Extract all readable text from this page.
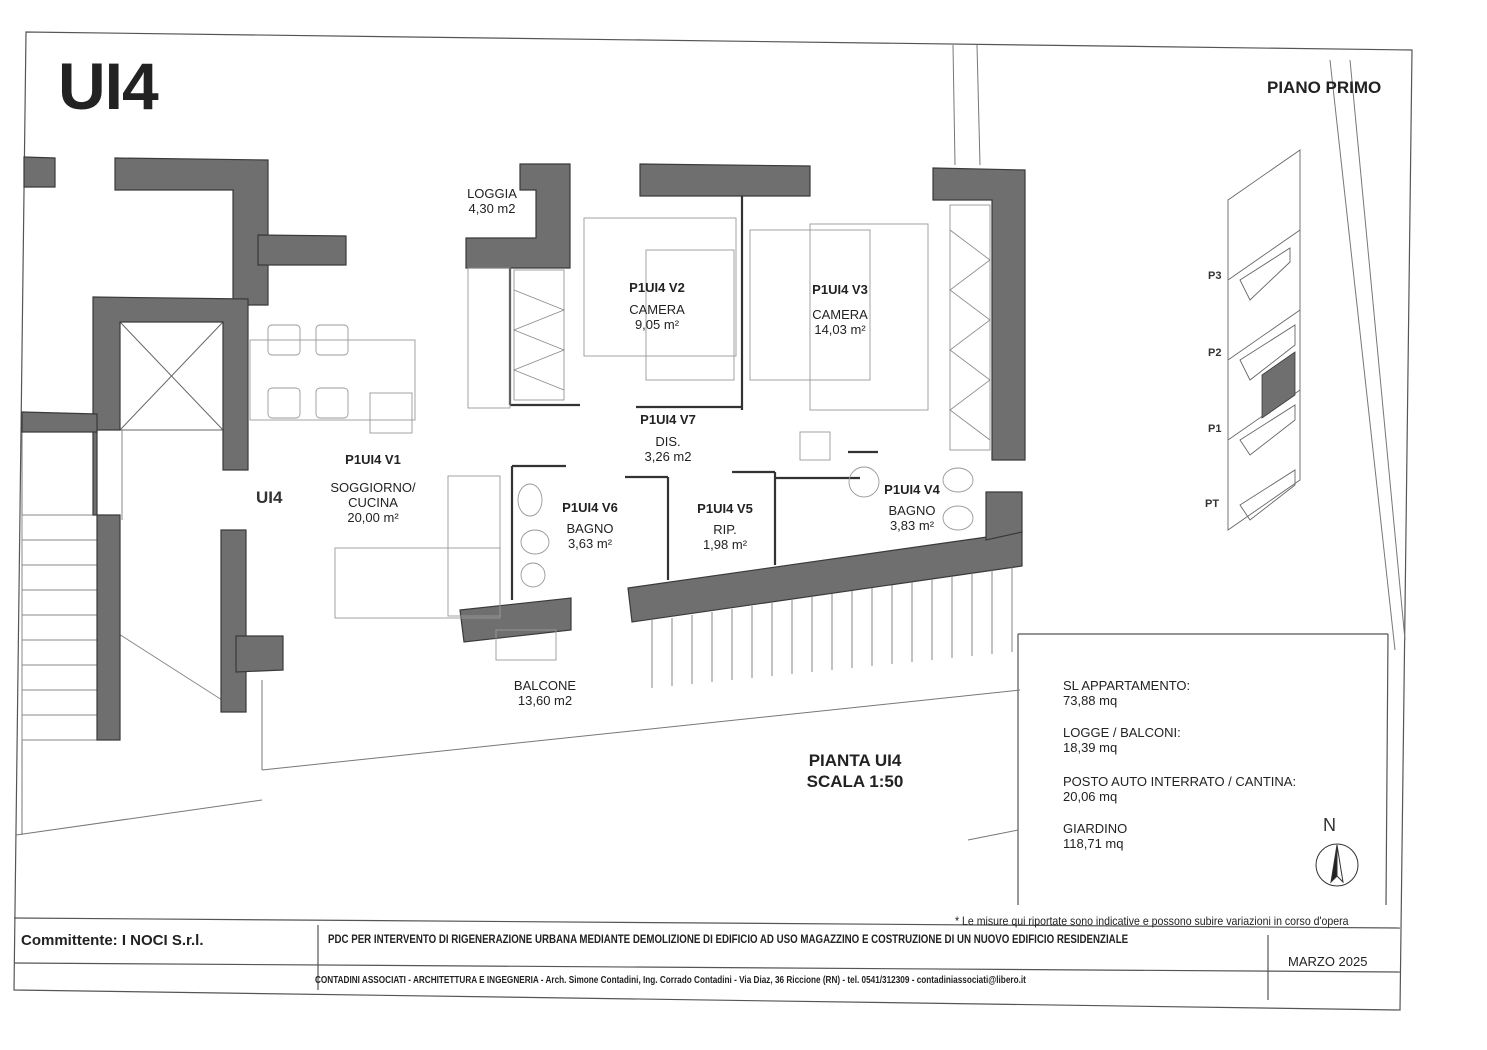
UI4	PIANO PRIMO
LOGGIA
4,30 m2
P1UI4 V2
CAMERA
9,05 m²
P1UI4 V3
CAMERA
14,03 m²
P1UI4 V7
DIS.
3,26 m2
P1UI4 V1
SOGGIORNO/
CUCINA
20,00 m²
UI4
P1UI4 V6
BAGNO
3,63 m²
P1UI4 V5
RIP.
1,98 m²
P1UI4 V4
BAGNO
3,83 m²
BALCONE
13,60 m2
PIANTA UI4
SCALA 1:50
SL APPARTAMENTO:
73,88 mq
LOGGE / BALCONI:
18,39 mq
POSTO AUTO INTERRATO / CANTINA:
20,06 mq
GIARDINO
118,71 mq
N
P3
P2
P1
PT
* Le misure qui riportate sono indicative e possono subire variazioni in corso d'opera
Committente: I NOCI S.r.l.	PDC PER INTERVENTO DI RIGENERAZIONE URBANA MEDIANTE DEMOLIZIONE DI EDIFICIO AD USO MAGAZZINO E COSTRUZIONE DI UN NUOVO EDIFICIO RESIDENZIALE
MARZO 2025
CONTADINI ASSOCIATI - ARCHITETTURA E INGEGNERIA - Arch. Simone Contadini, Ing. Corrado Contadini - Via Diaz, 36 Riccione (RN) - tel. 0541/312309 - contadiniassociati@libero.it
